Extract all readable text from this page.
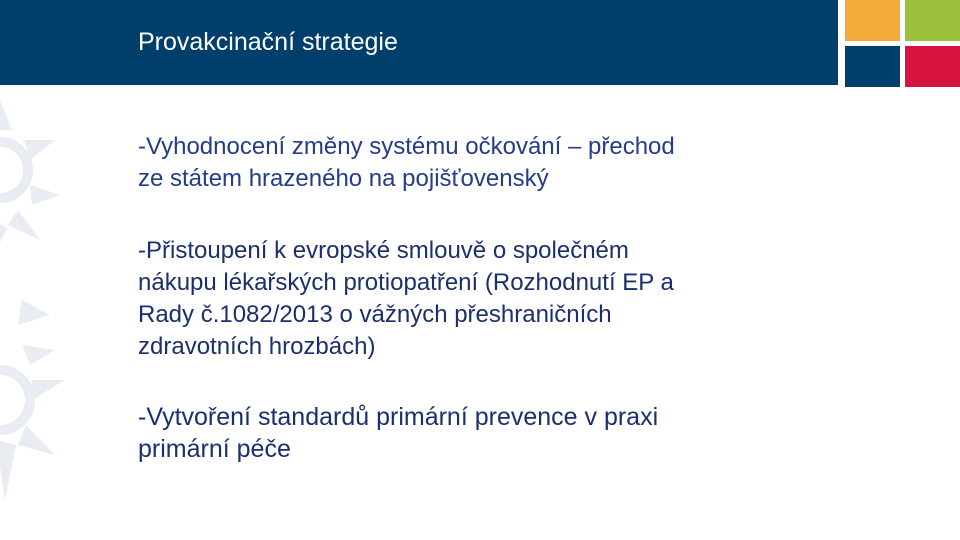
Provakcinační strategie

-Vyhodnocení změny systému očkování – přechod
ze státem hrazeného na pojišťovenský

-Přistoupení k evropské smlouvě o společném
nákupu lékařských protiopatření (Rozhodnutí EP a
Rady č.1082/2013 o vážných přeshraničních
zdravotních hrozbách)

-Vytvoření standardů primární prevence v praxi
primární péče
